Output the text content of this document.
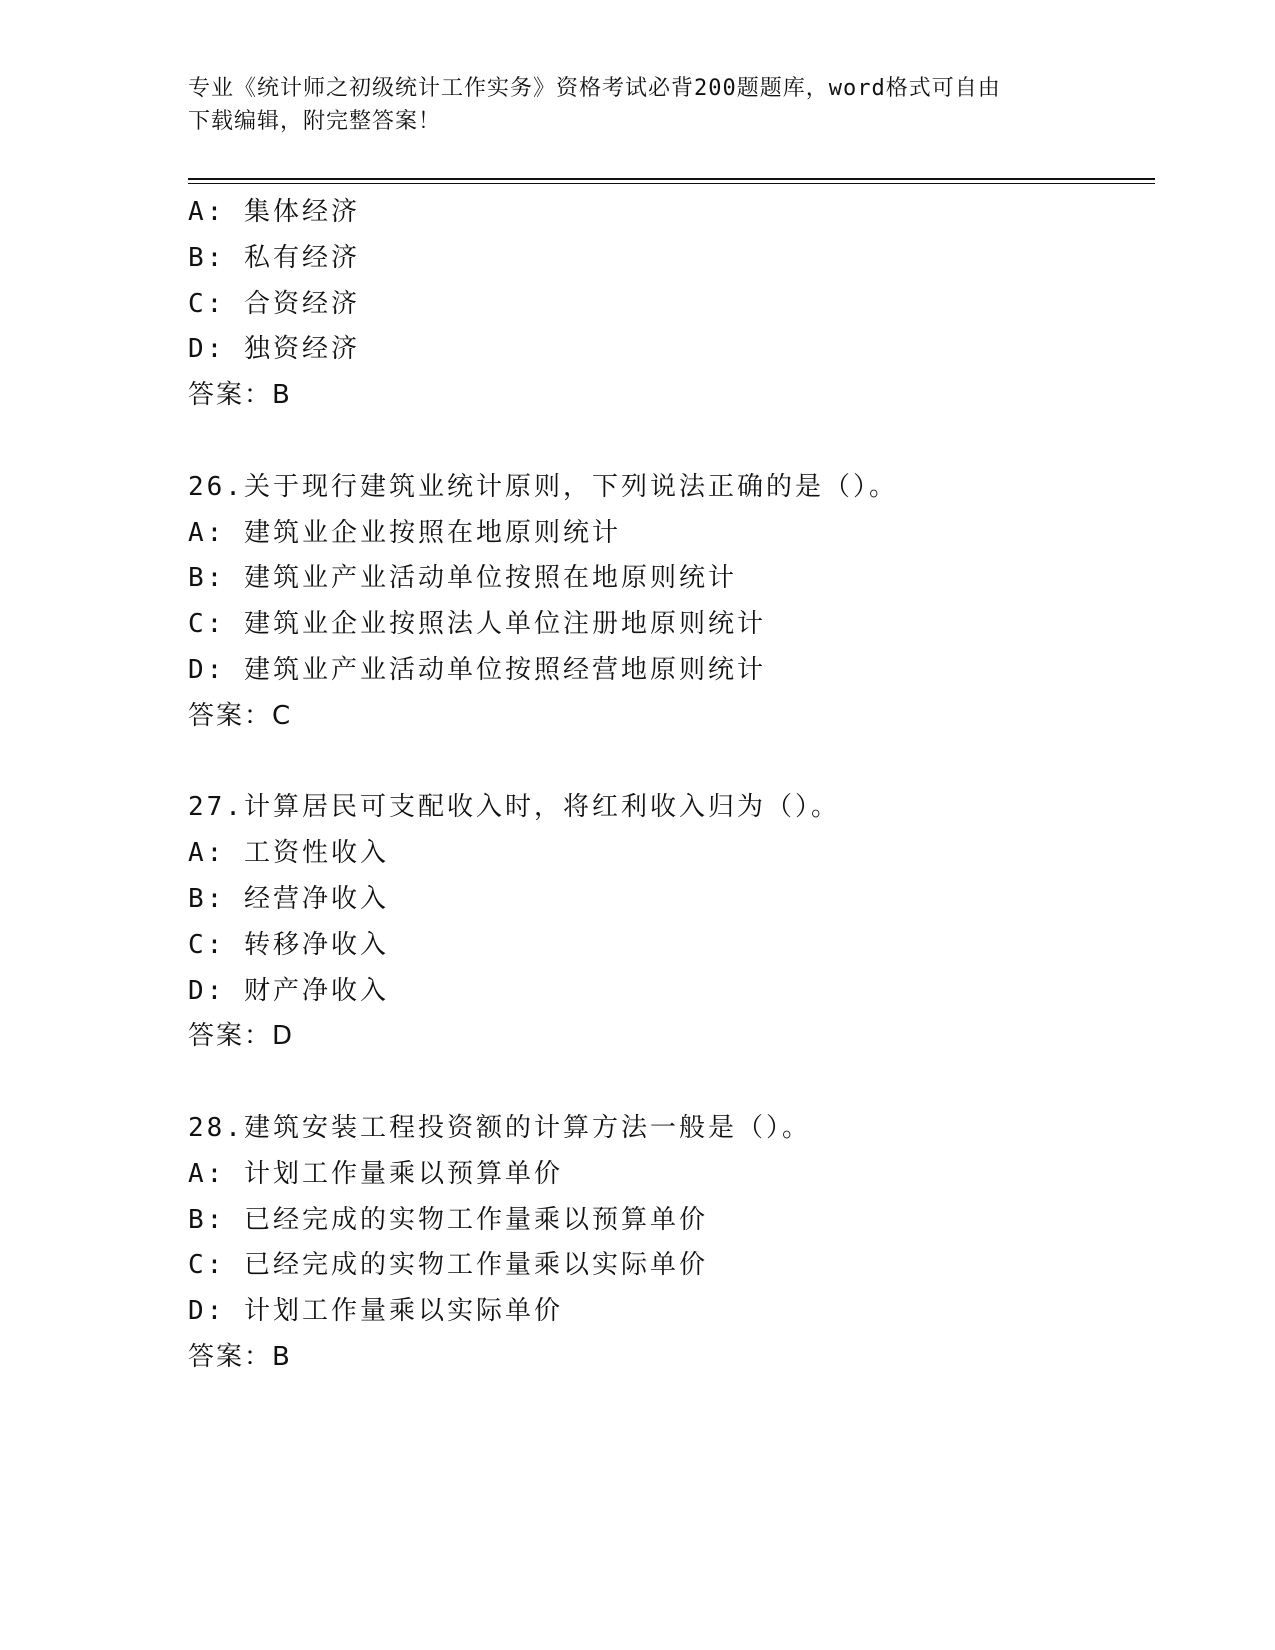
专业《统计师之初级统计工作实务》资格考试必背200题题库，word格式可自由
下载编辑，附完整答案！
A: 集体经济
B: 私有经济
C: 合资经济
D: 独资经济
答案：B
26.关于现行建筑业统计原则，下列说法正确的是（）。
A: 建筑业企业按照在地原则统计
B: 建筑业产业活动单位按照在地原则统计
C: 建筑业企业按照法人单位注册地原则统计
D: 建筑业产业活动单位按照经营地原则统计
答案：C
27.计算居民可支配收入时，将红利收入归为（）。
A: 工资性收入
B: 经营净收入
C: 转移净收入
D: 财产净收入
答案：D
28.建筑安装工程投资额的计算方法一般是（）。
A: 计划工作量乘以预算单价
B: 已经完成的实物工作量乘以预算单价
C: 已经完成的实物工作量乘以实际单价
D: 计划工作量乘以实际单价
答案：B
